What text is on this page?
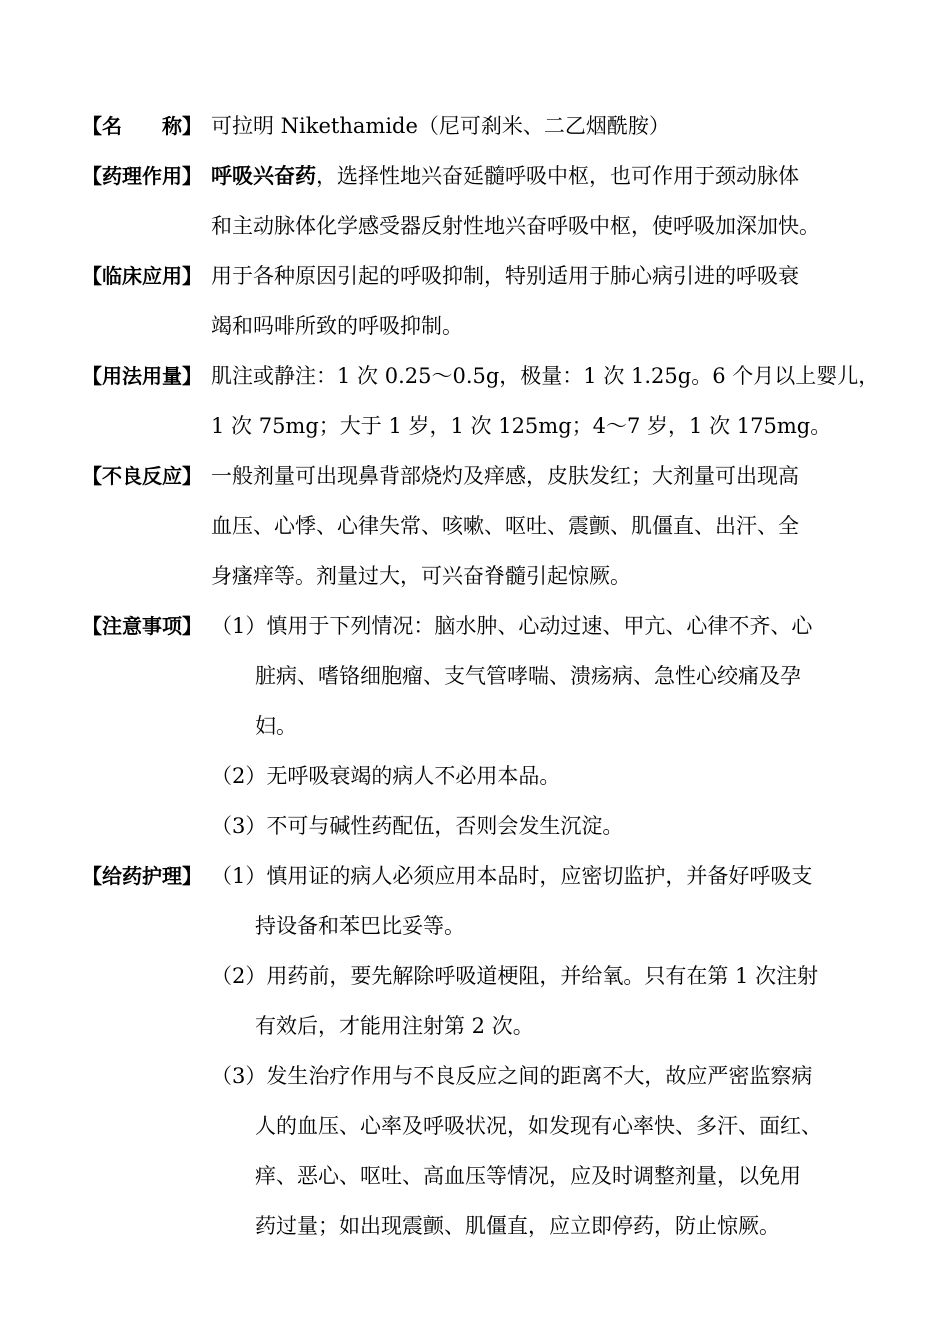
【名 称】 可拉明 Nikethamide（尼可刹米、二乙烟酰胺）
【药理作用】 呼吸兴奋药，选择性地兴奋延髓呼吸中枢，也可作用于颈动脉体
和主动脉体化学感受器反射性地兴奋呼吸中枢，使呼吸加深加快。
【临床应用】 用于各种原因引起的呼吸抑制，特别适用于肺心病引进的呼吸衰
竭和吗啡所致的呼吸抑制。
【用法用量】 肌注或静注：1 次 0.25～0.5g，极量：1 次 1.25g。6 个月以上婴儿，
1 次 75mg；大于 1 岁，1 次 125mg；4～7 岁，1 次 175mg。
【不良反应】 一般剂量可出现鼻背部烧灼及痒感，皮肤发红；大剂量可出现高
血压、心悸、心律失常、咳嗽、呕吐、震颤、肌僵直、出汗、全
身瘙痒等。剂量过大，可兴奋脊髓引起惊厥。
【注意事项】 （1）慎用于下列情况：脑水肿、心动过速、甲亢、心律不齐、心
脏病、嗜铬细胞瘤、支气管哮喘、溃疡病、急性心绞痛及孕
妇。
（2）无呼吸衰竭的病人不必用本品。
（3）不可与碱性药配伍，否则会发生沉淀。
【给药护理】 （1）慎用证的病人必须应用本品时，应密切监护，并备好呼吸支
持设备和苯巴比妥等。
（2）用药前，要先解除呼吸道梗阻，并给氧。只有在第 1 次注射
有效后，才能用注射第 2 次。
（3）发生治疗作用与不良反应之间的距离不大，故应严密监察病
人的血压、心率及呼吸状况，如发现有心率快、多汗、面红、
痒、恶心、呕吐、高血压等情况，应及时调整剂量，以免用
药过量；如出现震颤、肌僵直，应立即停药，防止惊厥。
